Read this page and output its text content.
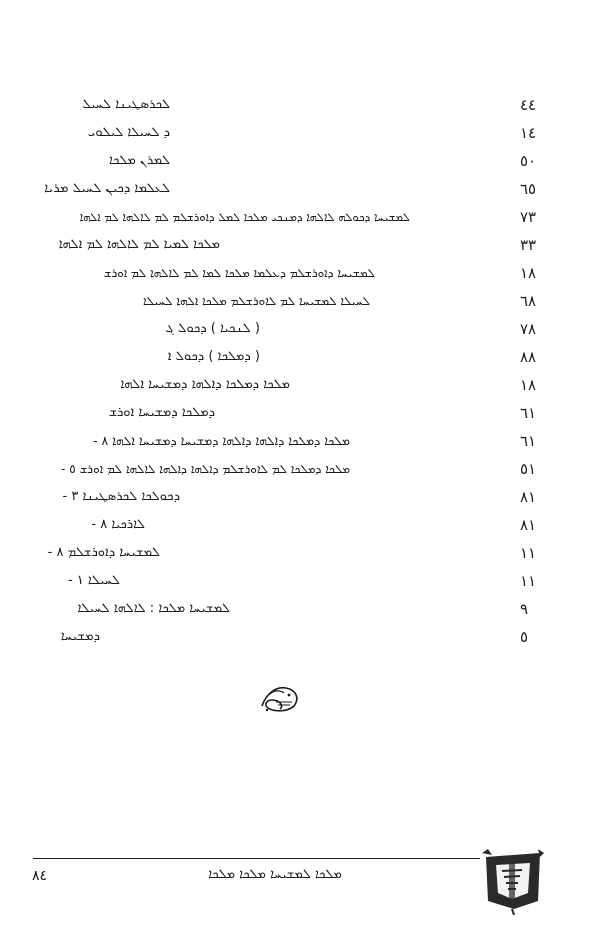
ܠܟܪܣܛܝܢܐ ܠܚܝܠ	٤٤
ܕ ܠܚܝܠܐ ܠܝܠܘܝ	١٤
ܠܡܪܢ ܡܠܟܐ	٥٠
ܠܥܠܡܐ ܕܟܝܢ ܠܚܝܠ ܡܪܝܐ	٦٥
ܠܡܫܝܚܐ ܕܟܘܠܗ ܠܐܠܗܐ ܕܡܢܟܝ ܡܠܟܐ ܠܡܠ ܕܐܘܪܫܠܡ ܠܡ ܠܐܠܗܐ ܠܡ ܐܠܗܐ	٧٣
ܡܠܟܐ ܠܡܝܐ ܠܡ ܠܐܠܗܐ ܠܡ ܐܠܗܐ	٣٣
ܠܡܫܝܚܐ ܕܐܘܪܫܠܡ ܕܥܠܡܐ ܡܠܟܐ ܠܡܐ ܠܡ ܠܐܠܗܐ ܠܡ ܐܘܪܫ	١٨
ܠܚܝܠܐ ܠܡܫܝܚܐ ܠܡ ܠܐܘܪܫܠܡ ܡܠܟܐ ܐܠܗܐ ܠܚܝܠܐ	٦٨
( ܠܢܟܝܐ ) ܕܟܘܠ ܓ	٧٨
( ܕܡܠܟܐ ) ܕܟܘܠ ܐ	٨٨
ܡܠܟܐ ܕܡܠܟܐ ܕܐܠܗܐ ܕܡܫܝܚܐ ܐܠܗܐ	١٨
ܕܡܠܟܐ ܕܡܫܝܚܐ ܐܘܪܫ	٦١
ܡܠܟܐ ܕܡܠܟܐ ܕܐܠܗܐ ܕܐܠܗܐ ܕܡܫܝܚܐ ܕܡܫܝܚܐ ܐܠܗܐ ٨ -	٦١
ܡܠܟܐ ܕܡܠܟܐ ܠܡ ܠܐܘܪܫܠܡ ܕܐܠܗܐ ܕܐܠܗܐ ܠܐܠܗܐ ܠܡ ܐܘܪܫ ٥ -	٥١
ܕܟܘܠܟܐ ܠܟܪܣܛܝܢܐ ٣ -	٨١
ܠܐܪܟܝܐ ٨ -	٨١
ܠܡܫܝܚܐ ܕܐܘܪܫܠܡ ٨ -	١١
ܠܚܝܠܐ ١ -	١١
ܠܡܫܝܚܐ ܡܠܟܐ : ܠܐܠܗܐ ܠܚܝܠܐ	٩
ܕܡܫܝܚܐ	٥
ܡܠܟܐ ܠܡܫܝܚܐ ܡܠܟܐ ܡܠܟܐ
٨٤
